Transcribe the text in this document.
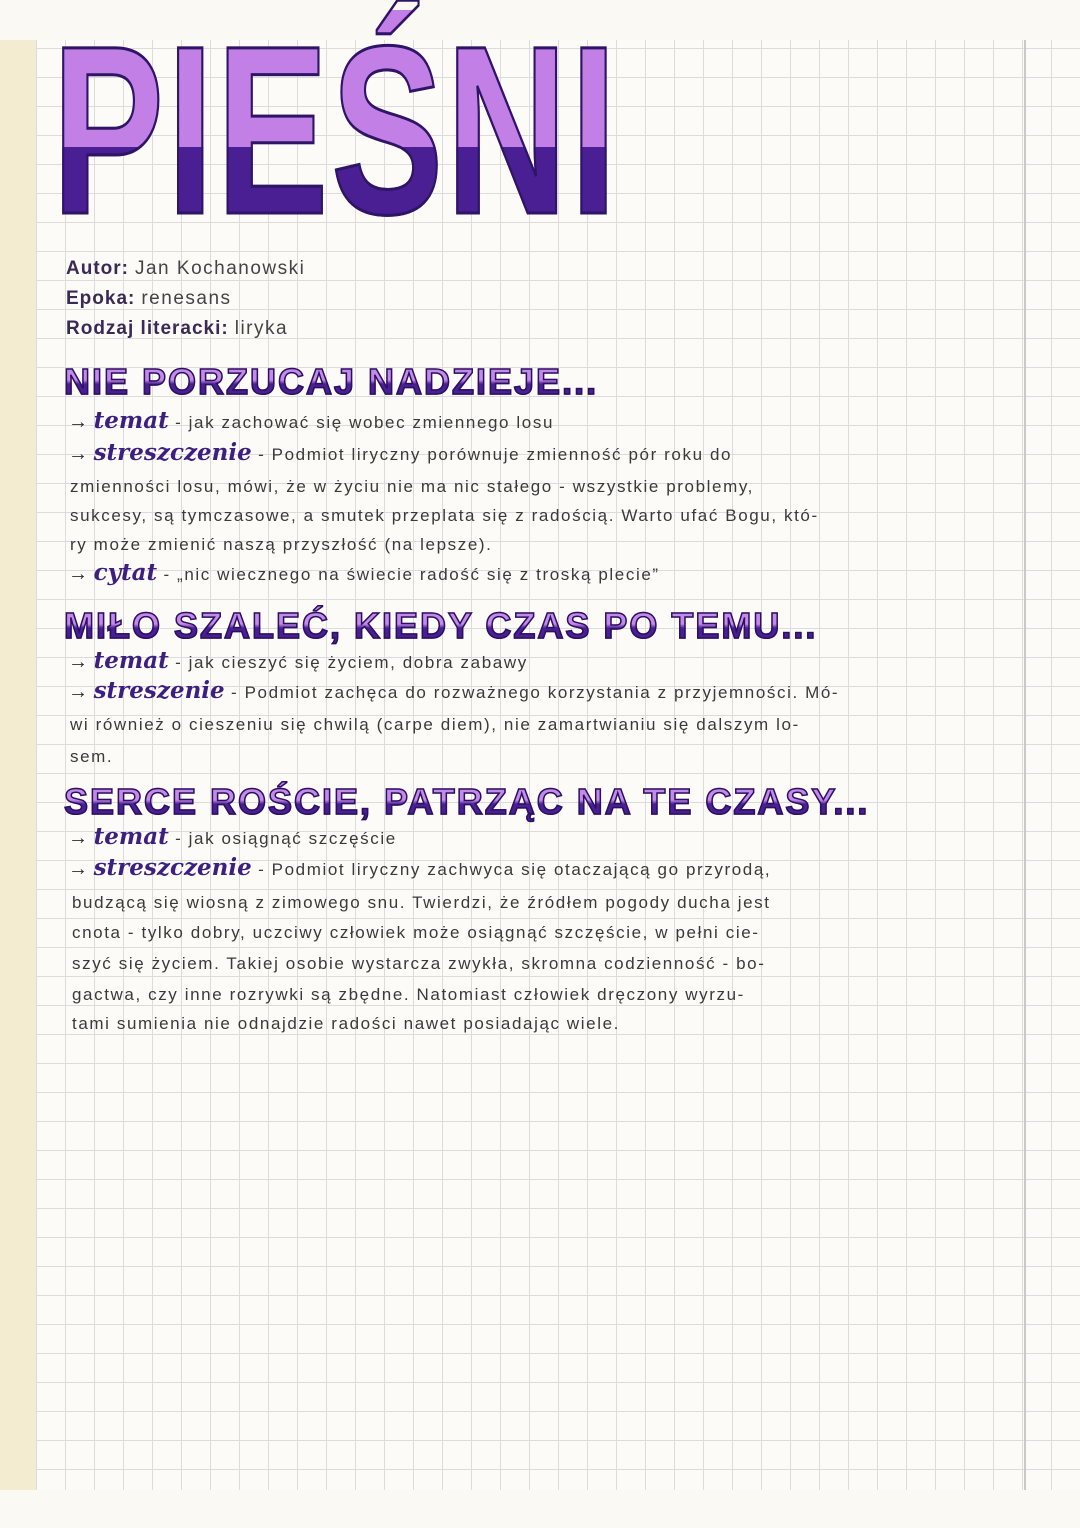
PIEŚNI
Autor: Jan Kochanowski
Epoka: renesans
Rodzaj literacki: liryka
NIE PORZUCAJ NADZIEJE...
→ temat - jak zachować się wobec zmiennego losu
→ streszczenie - Podmiot liryczny porównuje zmienność pór roku do
zmienności losu, mówi, że w życiu nie ma nic stałego - wszystkie problemy,
sukcesy, są tymczasowe, a smutek przeplata się z radością. Warto ufać Bogu, któ-
ry może zmienić naszą przyszłość (na lepsze).
→ cytat - „nic wiecznego na świecie radość się z troską plecie”
MIŁO SZALEĆ, KIEDY CZAS PO TEMU...
→ temat - jak cieszyć się życiem, dobra zabawy
→ streszenie - Podmiot zachęca do rozważnego korzystania z przyjemności. Mó-
wi również o cieszeniu się chwilą (carpe diem), nie zamartwianiu się dalszym lo-
sem.
SERCE ROŚCIE, PATRZĄC NA TE CZASY...
→ temat - jak osiągnąć szczęście
→ streszczenie - Podmiot liryczny zachwyca się otaczającą go przyrodą,
budzącą się wiosną z zimowego snu. Twierdzi, że źródłem pogody ducha jest
cnota - tylko dobry, uczciwy człowiek może osiągnąć szczęście, w pełni cie-
szyć się życiem. Takiej osobie wystarcza zwykła, skromna codzienność - bo-
gactwa, czy inne rozrywki są zbędne. Natomiast człowiek dręczony wyrzu-
tami sumienia nie odnajdzie radości nawet posiadając wiele.
